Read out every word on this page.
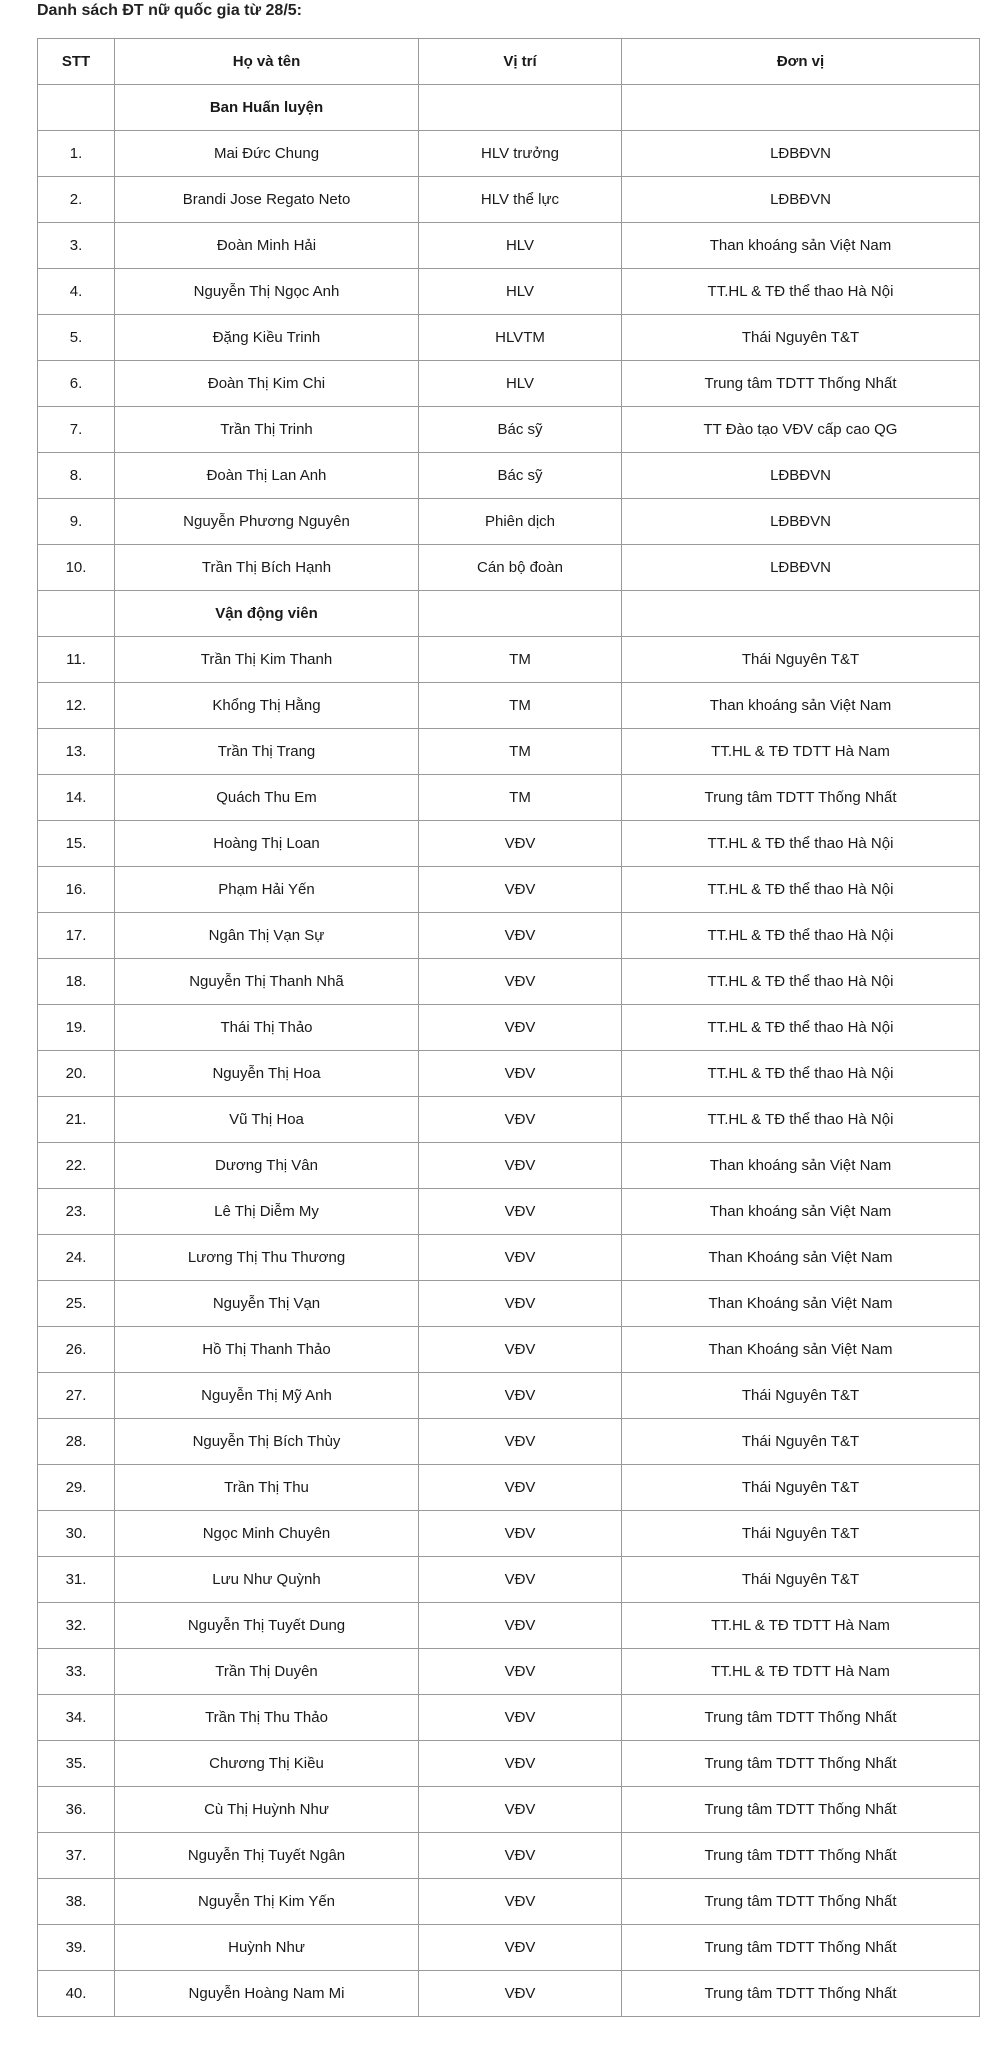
Danh sách ĐT nữ quốc gia từ 28/5:
STT	Họ và tên	Vị trí	Đơn vị
	Ban Huấn luyện		
1.	Mai Đức Chung	HLV trưởng	LĐBĐVN
2.	Brandi Jose Regato Neto	HLV thể lực	LĐBĐVN
3.	Đoàn Minh Hải	HLV	Than khoáng sản Việt Nam
4.	Nguyễn Thị Ngọc Anh	HLV	TT.HL & TĐ thể thao Hà Nội
5.	Đặng Kiều Trinh	HLVTM	Thái Nguyên T&T
6.	Đoàn Thị Kim Chi	HLV	Trung tâm TDTT Thống Nhất
7.	Trần Thị Trinh	Bác sỹ	TT Đào tạo VĐV cấp cao QG
8.	Đoàn Thị Lan Anh	Bác sỹ	LĐBĐVN
9.	Nguyễn Phương Nguyên	Phiên dịch	LĐBĐVN
10.	Trần Thị Bích Hạnh	Cán bộ đoàn	LĐBĐVN
	Vận động viên		
11.	Trần Thị Kim Thanh	TM	Thái Nguyên T&T
12.	Khổng Thị Hằng	TM	Than khoáng sản Việt Nam
13.	Trần Thị Trang	TM	TT.HL & TĐ TDTT Hà Nam
14.	Quách Thu Em	TM	Trung tâm TDTT Thống Nhất
15.	Hoàng Thị Loan	VĐV	TT.HL & TĐ thể thao Hà Nội
16.	Phạm Hải Yến	VĐV	TT.HL & TĐ thể thao Hà Nội
17.	Ngân Thị Vạn Sự	VĐV	TT.HL & TĐ thể thao Hà Nội
18.	Nguyễn Thị Thanh Nhã	VĐV	TT.HL & TĐ thể thao Hà Nội
19.	Thái Thị Thảo	VĐV	TT.HL & TĐ thể thao Hà Nội
20.	Nguyễn Thị Hoa	VĐV	TT.HL & TĐ thể thao Hà Nội
21.	Vũ Thị Hoa	VĐV	TT.HL & TĐ thể thao Hà Nội
22.	Dương Thị Vân	VĐV	Than khoáng sản Việt Nam
23.	Lê Thị Diễm My	VĐV	Than khoáng sản Việt Nam
24.	Lương Thị Thu Thương	VĐV	Than Khoáng sản Việt Nam
25.	Nguyễn Thị Vạn	VĐV	Than Khoáng sản Việt Nam
26.	Hồ Thị Thanh Thảo	VĐV	Than Khoáng sản Việt Nam
27.	Nguyễn Thị Mỹ Anh	VĐV	Thái Nguyên T&T
28.	Nguyễn Thị Bích Thùy	VĐV	Thái Nguyên T&T
29.	Trần Thị Thu	VĐV	Thái Nguyên T&T
30.	Ngọc Minh Chuyên	VĐV	Thái Nguyên T&T
31.	Lưu Như Quỳnh	VĐV	Thái Nguyên T&T
32.	Nguyễn Thị Tuyết Dung	VĐV	TT.HL & TĐ TDTT Hà Nam
33.	Trần Thị Duyên	VĐV	TT.HL & TĐ TDTT Hà Nam
34.	Trần Thị Thu Thảo	VĐV	Trung tâm TDTT Thống Nhất
35.	Chương Thị Kiều	VĐV	Trung tâm TDTT Thống Nhất
36.	Cù Thị Huỳnh Như	VĐV	Trung tâm TDTT Thống Nhất
37.	Nguyễn Thị Tuyết Ngân	VĐV	Trung tâm TDTT Thống Nhất
38.	Nguyễn Thị Kim Yến	VĐV	Trung tâm TDTT Thống Nhất
39.	Huỳnh Như	VĐV	Trung tâm TDTT Thống Nhất
40.	Nguyễn Hoàng Nam Mi	VĐV	Trung tâm TDTT Thống Nhất
